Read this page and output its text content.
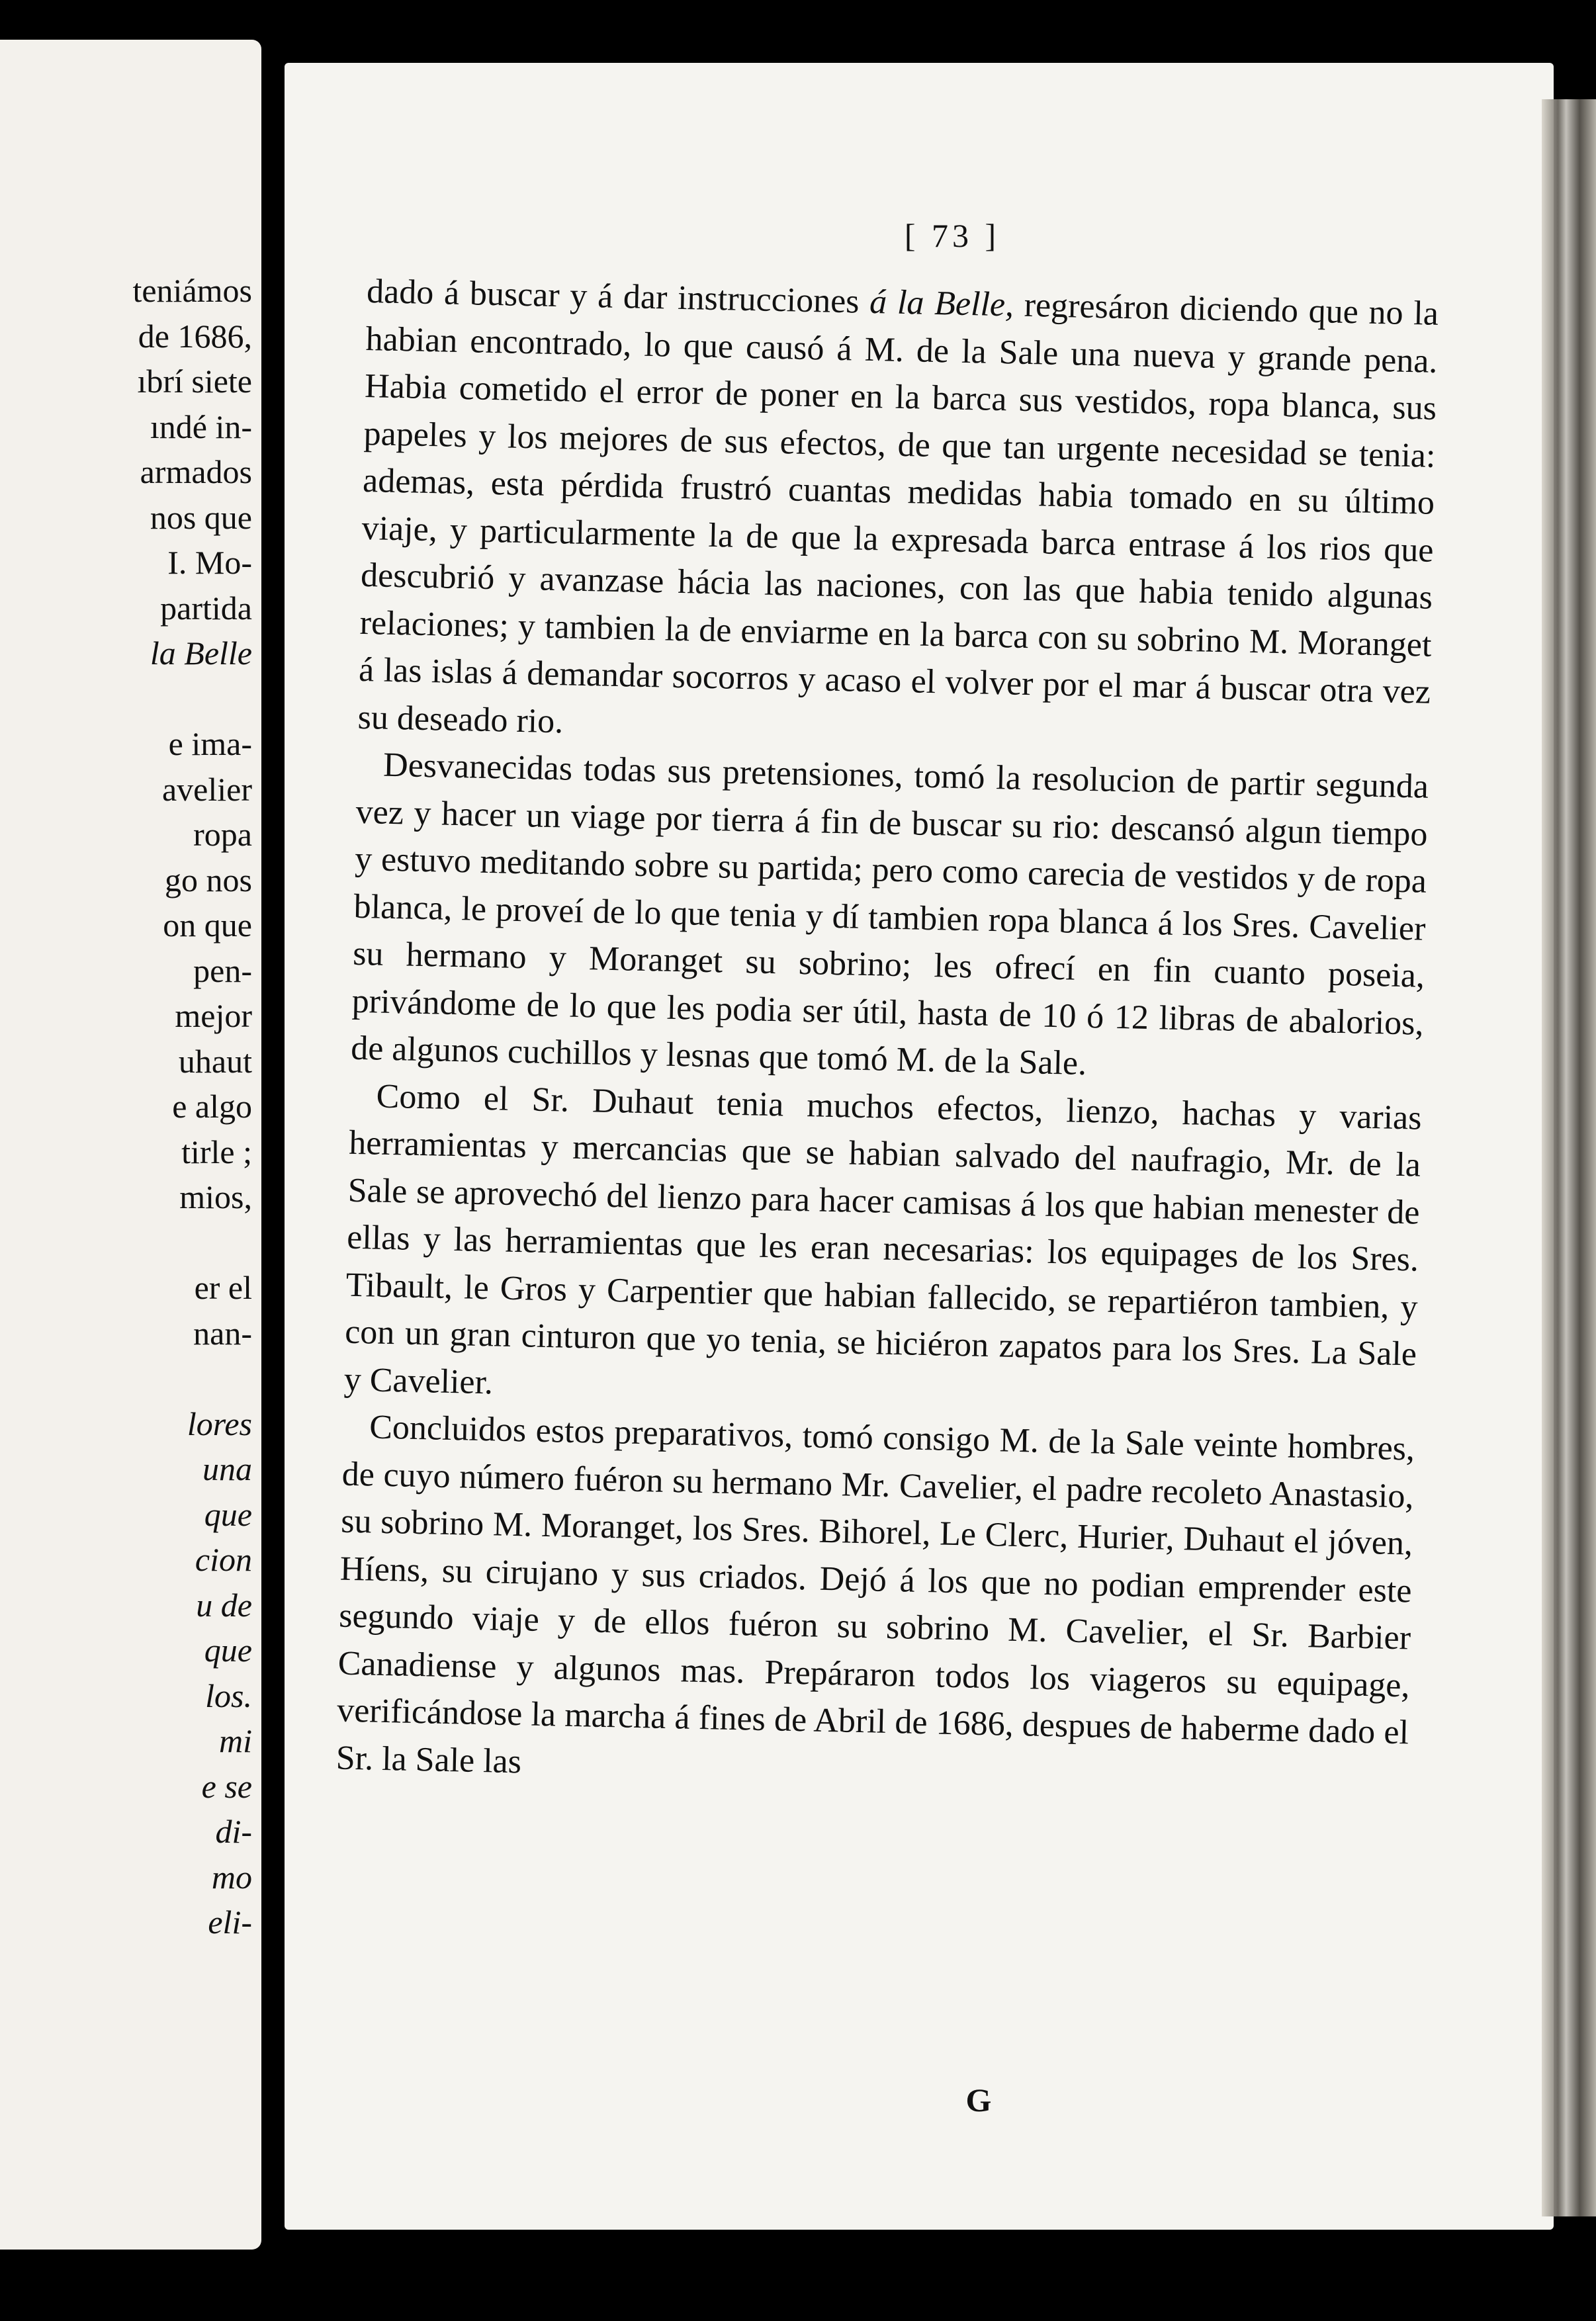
teniámos
de 1686,
ıbrí siete
ındé in-
armados
nos que
I. Mo-
partida
la Belle
e ima-
avelier
ropa
go nos
on que
pen-
mejor
uhaut
e algo
tirle ;
mios,
er el
nan-
lores
una
que
cion
u de
que
los.
mi
e se
di-
mo
eli-
[ 73 ]

dado á buscar y á dar instrucciones á la Belle, regresáron diciendo que no la habian encontrado, lo que causó á M. de la Sale una nueva y grande pena. Habia cometido el error de poner en la barca sus vestidos, ropa blanca, sus papeles y los mejores de sus efectos, de que tan urgente necesidad se tenia: ademas, esta pérdida frustró cuantas medidas habia tomado en su último viaje, y particularmente la de que la expresada barca entrase á los rios que descubrió y avanzase hácia las naciones, con las que habia tenido algunas relaciones; y tambien la de enviarme en la barca con su sobrino M. Moranget á las islas á demandar socorros y acaso el volver por el mar á buscar otra vez su deseado rio.

Desvanecidas todas sus pretensiones, tomó la resolucion de partir segunda vez y hacer un viage por tierra á fin de buscar su rio: descansó algun tiempo y estuvo meditando sobre su partida; pero como carecia de vestidos y de ropa blanca, le proveí de lo que tenia y dí tambien ropa blanca á los Sres. Cavelier su hermano y Moranget su sobrino; les ofrecí en fin cuanto poseia, privándome de lo que les podia ser útil, hasta de 10 ó 12 libras de abalorios, de algunos cuchillos y lesnas que tomó M. de la Sale.

Como el Sr. Duhaut tenia muchos efectos, lienzo, hachas y varias herramientas y mercancias que se habian salvado del naufragio, Mr. de la Sale se aprovechó del lienzo para hacer camisas á los que habian menester de ellas y las herramientas que les eran necesarias: los equipages de los Sres. Tibault, le Gros y Carpentier que habian fallecido, se repartiéron tambien, y con un gran cinturon que yo tenia, se hiciéron zapatos para los Sres. La Sale y Cavelier.

Concluidos estos preparativos, tomó consigo M. de la Sale veinte hombres, de cuyo número fuéron su hermano Mr. Cavelier, el padre recoleto Anastasio, su sobrino M. Moranget, los Sres. Bihorel, Le Clerc, Hurier, Duhaut el jóven, Híens, su cirujano y sus criados. Dejó á los que no podian emprender este segundo viaje y de ellos fuéron su sobrino M. Cavelier, el Sr. Barbier Canadiense y algunos mas. Prepáraron todos los viageros su equipage, verificándose la marcha á fines de Abril de 1686, despues de haberme dado el Sr. la Sale las

G
